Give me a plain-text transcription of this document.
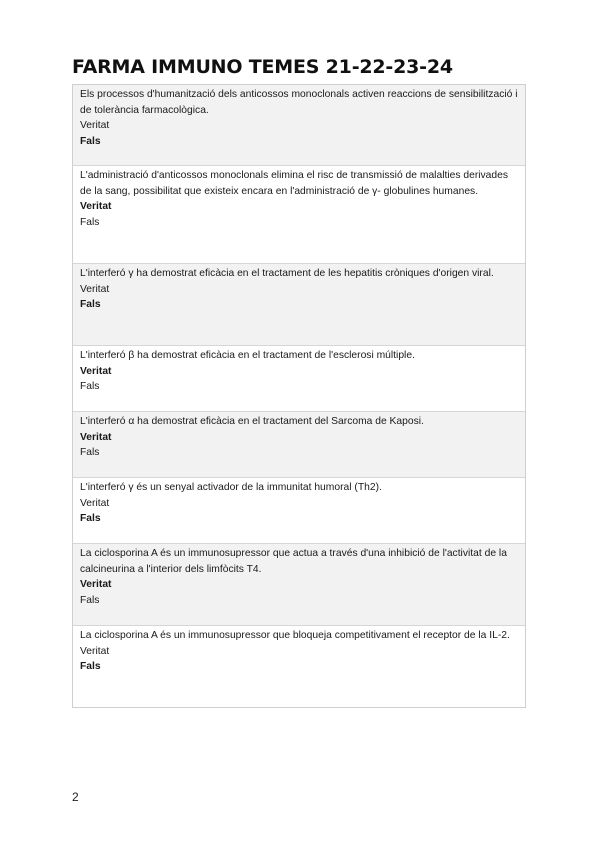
FARMA IMMUNO TEMES 21-22-23-24
Els processos d'humanització dels anticossos monoclonals activen reaccions de sensibilització i de tolerància farmacològica.
Veritat
Fals
L'administració d'anticossos monoclonals elimina el risc de transmissió de malalties derivades de la sang, possibilitat que existeix encara en l'administració de γ- globulines humanes.
Veritat
Fals
L'interferó γ ha demostrat eficàcia en el tractament de les hepatitis cròniques d'origen viral.
Veritat
Fals
L'interferó β ha demostrat eficàcia en el tractament de l'esclerosi múltiple.
Veritat
Fals
L'interferó α ha demostrat eficàcia en el tractament del Sarcoma de Kaposi.
Veritat
Fals
L'interferó γ és un senyal activador de la immunitat humoral (Th2).
Veritat
Fals
La ciclosporina A és un immunosupressor que actua a través d'una inhibició de l'activitat de la calcineurina a l'interior dels limfòcits T4.
Veritat
Fals
La ciclosporina A és un immunosupressor que bloqueja competitivament el receptor de la IL-2.
Veritat
Fals
2
